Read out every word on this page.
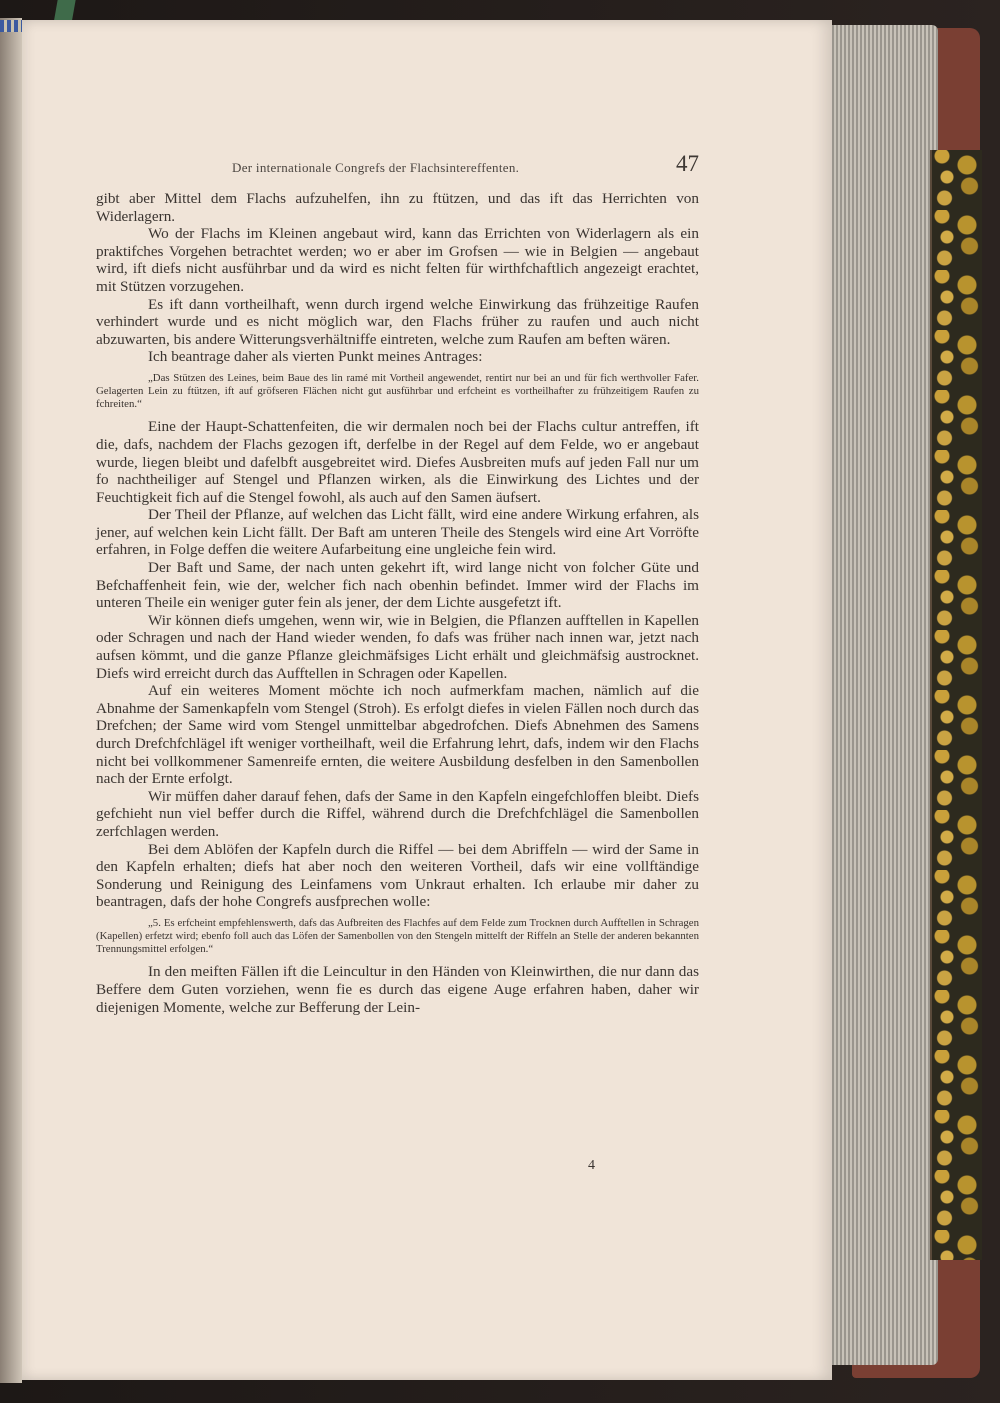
Der internationale Congrefs der Flachsintereffenten.	47

gibt aber Mittel dem Flachs aufzuhelfen, ihn zu ftützen, und das ift das Herrichten von Widerlagern.

Wo der Flachs im Kleinen angebaut wird, kann das Errichten von Widerlagern als ein praktifches Vorgehen betrachtet werden; wo er aber im Grofsen — wie in Belgien — angebaut wird, ift diefs nicht ausführbar und da wird es nicht felten für wirthfchaftlich angezeigt erachtet, mit Stützen vorzugehen.

Es ift dann vortheilhaft, wenn durch irgend welche Einwirkung das frühzeitige Raufen verhindert wurde und es nicht möglich war, den Flachs früher zu raufen und auch nicht abzuwarten, bis andere Witterungsverhältniffe eintreten, welche zum Raufen am beften wären.

Ich beantrage daher als vierten Punkt meines Antrages:

„Das Stützen des Leines, beim Baue des lin ramé mit Vortheil angewendet, rentirt nur bei an und für fich werthvoller Fafer. Gelagerten Lein zu ftützen, ift auf gröfseren Flächen nicht gut ausführbar und erfcheint es vortheilhafter zu frühzeitigem Raufen zu fchreiten.“

Eine der Haupt-Schattenfeiten, die wir dermalen noch bei der Flachs cultur antreffen, ift die, dafs, nachdem der Flachs gezogen ift, derfelbe in der Regel auf dem Felde, wo er angebaut wurde, liegen bleibt und dafelbft ausgebreitet wird. Diefes Ausbreiten mufs auf jeden Fall nur um fo nachtheiliger auf Stengel und Pflanzen wirken, als die Einwirkung des Lichtes und der Feuchtigkeit fich auf die Stengel fowohl, als auch auf den Samen äufsert.

Der Theil der Pflanze, auf welchen das Licht fällt, wird eine andere Wirkung erfahren, als jener, auf welchen kein Licht fällt. Der Baft am unteren Theile des Stengels wird eine Art Vorröfte erfahren, in Folge deffen die weitere Aufarbeitung eine ungleiche fein wird.

Der Baft und Same, der nach unten gekehrt ift, wird lange nicht von folcher Güte und Befchaffenheit fein, wie der, welcher fich nach obenhin befindet. Immer wird der Flachs im unteren Theile ein weniger guter fein als jener, der dem Lichte ausgefetzt ift.

Wir können diefs umgehen, wenn wir, wie in Belgien, die Pflanzen aufftellen in Kapellen oder Schragen und nach der Hand wieder wenden, fo dafs was früher nach innen war, jetzt nach aufsen kömmt, und die ganze Pflanze gleichmäfsiges Licht erhält und gleichmäfsig austrocknet. Diefs wird erreicht durch das Aufftellen in Schragen oder Kapellen.

Auf ein weiteres Moment möchte ich noch aufmerkfam machen, nämlich auf die Abnahme der Samenkapfeln vom Stengel (Stroh). Es erfolgt diefes in vielen Fällen noch durch das Drefchen; der Same wird vom Stengel unmittelbar abgedrofchen. Diefs Abnehmen des Samens durch Drefchfchlägel ift weniger vortheilhaft, weil die Erfahrung lehrt, dafs, indem wir den Flachs nicht bei vollkommener Samenreife ernten, die weitere Ausbildung desfelben in den Samenbollen nach der Ernte erfolgt.

Wir müffen daher darauf fehen, dafs der Same in den Kapfeln eingefchloffen bleibt. Diefs gefchieht nun viel beffer durch die Riffel, während durch die Drefchfchlägel die Samenbollen zerfchlagen werden.

Bei dem Ablöfen der Kapfeln durch die Riffel — bei dem Abriffeln — wird der Same in den Kapfeln erhalten; diefs hat aber noch den weiteren Vortheil, dafs wir eine vollftändige Sonderung und Reinigung des Leinfamens vom Unkraut erhalten. Ich erlaube mir daher zu beantragen, dafs der hohe Congrefs ausfprechen wolle:

„5. Es erfcheint empfehlenswerth, dafs das Aufbreiten des Flachfes auf dem Felde zum Trocknen durch Aufftellen in Schragen (Kapellen) erfetzt wird; ebenfo foll auch das Löfen der Samenbollen von den Stengeln mittelft der Riffeln an Stelle der anderen bekannten Trennungsmittel erfolgen.“

In den meiften Fällen ift die Leincultur in den Händen von Kleinwirthen, die nur dann das Beffere dem Guten vorziehen, wenn fie es durch das eigene Auge erfahren haben, daher wir diejenigen Momente, welche zur Befferung der Lein-

4
